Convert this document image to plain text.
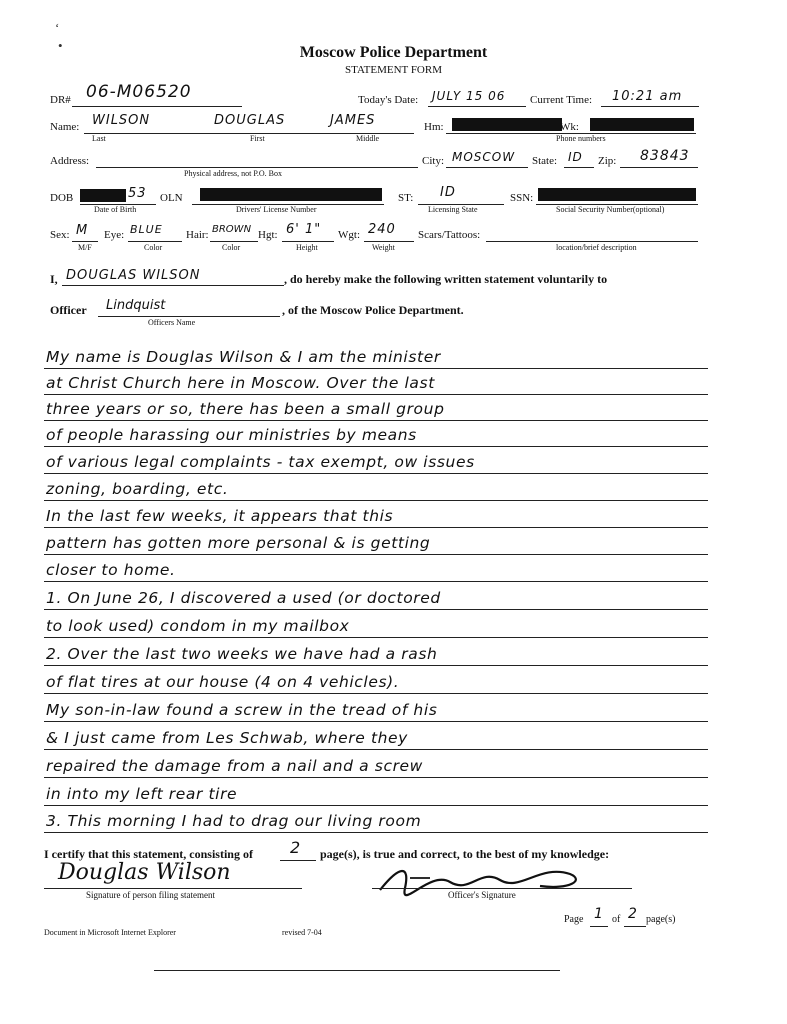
Moscow Police Department
STATEMENT FORM
ʻ
•
DR# 06-M06520	Today's Date: JULY 15 06 Current Time: 10:21 am
Name: WILSON	DOUGLAS	JAMES
Last	First	Middle
Hm:	Wk:
Phone numbers
Address:
Physical address, not P.O. Box
City: MOSCOW State: ID Zip: 83843
DOB	53
Date of Birth
OLN
Drivers' License Number
ST: ID
Licensing State
SSN:
Social Security Number(optional)
Sex: M
M/F
Eye: BLUE
Color
Hair: BROWN
Color
Hgt: 6' 1"
Height
Wgt: 240
Weight
Scars/Tattoos:
location/brief description
I, DOUGLAS WILSON	, do hereby make the following written statement voluntarily to
Officer Lindquist
Officers Name
, of the Moscow Police Department.
My name is Douglas Wilson & I am the minister
at Christ Church here in Moscow. Over the last
three years or so, there has been a small group
of people harassing our ministries by means
of various legal complaints - tax exempt, ow issues
zoning, boarding, etc.
In the last few weeks, it appears that this
pattern has gotten more personal & is getting
closer to home.
1. On June 26, I discovered a used (or doctored
to look used) condom in my mailbox
2. Over the last two weeks we have had a rash
of flat tires at our house (4 on 4 vehicles).
My son-in-law found a screw in the tread of his
& I just came from Les Schwab, where they
repaired the damage from a nail and a screw
in into my left rear tire
3. This morning I had to drag our living room
I certify that this statement, consisting of 2 page(s), is true and correct, to the best of my knowledge:
Douglas Wilson
Signature of person filing statement	Officer's Signature
Page 1 of 2 page(s)
Document in Microsoft Internet Explorer	revised 7-04
